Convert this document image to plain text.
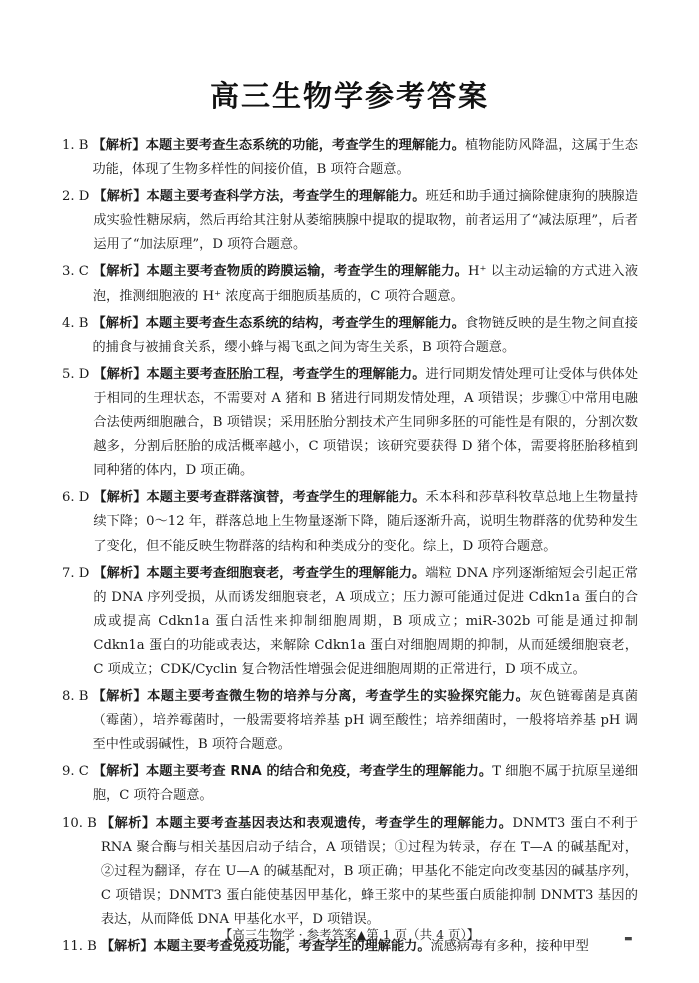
高三生物学参考答案
1. B 【解析】本题主要考查生态系统的功能，考查学生的理解能力。植物能防风降温，这属于生态功能，体现了生物多样性的间接价值，B 项符合题意。
2. D 【解析】本题主要考查科学方法，考查学生的理解能力。班廷和助手通过摘除健康狗的胰腺造成实验性糖尿病，然后再给其注射从萎缩胰腺中提取的提取物，前者运用了“减法原理”，后者运用了“加法原理”，D 项符合题意。
3. C 【解析】本题主要考查物质的跨膜运输，考查学生的理解能力。H⁺ 以主动运输的方式进入液泡，推测细胞液的 H⁺ 浓度高于细胞质基质的，C 项符合题意。
4. B 【解析】本题主要考查生态系统的结构，考查学生的理解能力。食物链反映的是生物之间直接的捕食与被捕食关系，缨小蜂与褐飞虱之间为寄生关系，B 项符合题意。
5. D 【解析】本题主要考查胚胎工程，考查学生的理解能力。进行同期发情处理可让受体与供体处于相同的生理状态，不需要对 A 猪和 B 猪进行同期发情处理，A 项错误；步骤①中常用电融合法使两细胞融合，B 项错误；采用胚胎分割技术产生同卵多胚的可能性是有限的，分割次数越多，分割后胚胎的成活概率越小，C 项错误；该研究要获得 D 猪个体，需要将胚胎移植到同种猪的体内，D 项正确。
6. D 【解析】本题主要考查群落演替，考查学生的理解能力。禾本科和莎草科牧草总地上生物量持续下降；0～12 年，群落总地上生物量逐渐下降，随后逐渐升高，说明生物群落的优势种发生了变化，但不能反映生物群落的结构和种类成分的变化。综上，D 项符合题意。
7. D 【解析】本题主要考查细胞衰老，考查学生的理解能力。端粒 DNA 序列逐渐缩短会引起正常的 DNA 序列受损，从而诱发细胞衰老，A 项成立；压力源可能通过促进 Cdkn1a 蛋白的合成或提高 Cdkn1a 蛋白活性来抑制细胞周期，B 项成立；miR-302b 可能是通过抑制 Cdkn1a 蛋白的功能或表达，来解除 Cdkn1a 蛋白对细胞周期的抑制，从而延缓细胞衰老，C 项成立；CDK/Cyclin 复合物活性增强会促进细胞周期的正常进行，D 项不成立。
8. B 【解析】本题主要考查微生物的培养与分离，考查学生的实验探究能力。灰色链霉菌是真菌（霉菌），培养霉菌时，一般需要将培养基 pH 调至酸性；培养细菌时，一般将培养基 pH 调至中性或弱碱性，B 项符合题意。
9. C 【解析】本题主要考查 RNA 的结合和免疫，考查学生的理解能力。T 细胞不属于抗原呈递细胞，C 项符合题意。
10. B 【解析】本题主要考查基因表达和表观遗传，考查学生的理解能力。DNMT3 蛋白不利于 RNA 聚合酶与相关基因启动子结合，A 项错误；①过程为转录，存在 T—A 的碱基配对，②过程为翻译，存在 U—A 的碱基配对，B 项正确；甲基化不能定向改变基因的碱基序列，C 项错误；DNMT3 蛋白能使基因甲基化，蜂王浆中的某些蛋白质能抑制 DNMT3 基因的表达，从而降低 DNA 甲基化水平，D 项错误。
11. B 【解析】本题主要考查免疫功能，考查学生的理解能力。流感病毒有多种，接种甲型
【高三生物学 · 参考答案▲第 1 页（共 4 页）】	▬
